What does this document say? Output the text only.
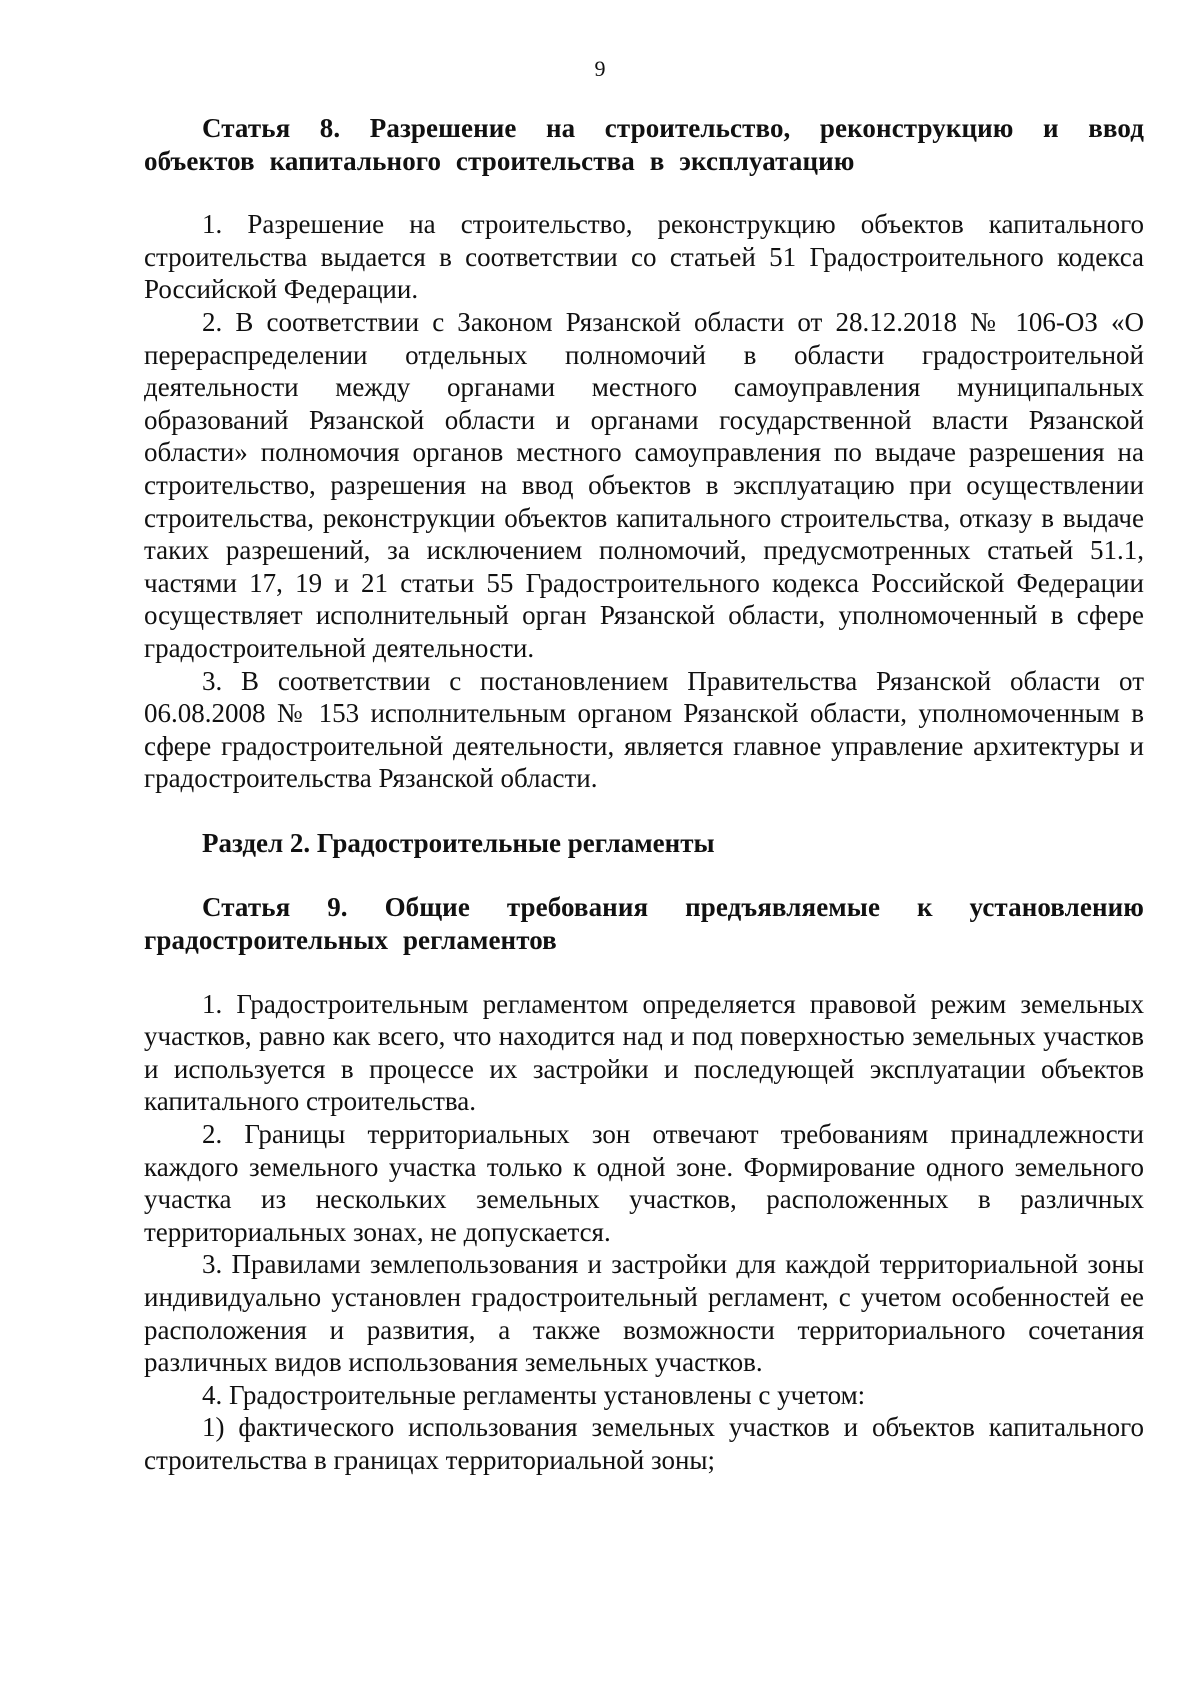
9

Статья 8. Разрешение на строительство, реконструкцию и ввод объектов капитального строительства в эксплуатацию

1. Разрешение на строительство, реконструкцию объектов капитального строительства выдается в соответствии со статьей 51 Градостроительного кодекса Российской Федерации.

2. В соответствии с Законом Рязанской области от 28.12.2018 № 106-ОЗ «О перераспределении отдельных полномочий в области градостроительной деятельности между органами местного самоуправления муниципальных образований Рязанской области и органами государственной власти Рязанской области» полномочия органов местного самоуправления по выдаче разрешения на строительство, разрешения на ввод объектов в эксплуатацию при осуществлении строительства, реконструкции объектов капитального строительства, отказу в выдаче таких разрешений, за исключением полномочий, предусмотренных статьей 51.1, частями 17, 19 и 21 статьи 55 Градостроительного кодекса Российской Федерации осуществляет исполнительный орган Рязанской области, уполномоченный в сфере градостроительной деятельности.

3. В соответствии с постановлением Правительства Рязанской области от 06.08.2008 № 153 исполнительным органом Рязанской области, уполномоченным в сфере градостроительной деятельности, является главное управление архитектуры и градостроительства Рязанской области.

Раздел 2. Градостроительные регламенты

Статья 9. Общие требования предъявляемые к установлению градостроительных регламентов

1. Градостроительным регламентом определяется правовой режим земельных участков, равно как всего, что находится над и под поверхностью земельных участков и используется в процессе их застройки и последующей эксплуатации объектов капитального строительства.

2. Границы территориальных зон отвечают требованиям принадлежности каждого земельного участка только к одной зоне. Формирование одного земельного участка из нескольких земельных участков, расположенных в различных территориальных зонах, не допускается.

3. Правилами землепользования и застройки для каждой территориальной зоны индивидуально установлен градостроительный регламент, с учетом особенностей ее расположения и развития, а также возможности территориального сочетания различных видов использования земельных участков.

4. Градостроительные регламенты установлены с учетом:

1) фактического использования земельных участков и объектов капитального строительства в границах территориальной зоны;
